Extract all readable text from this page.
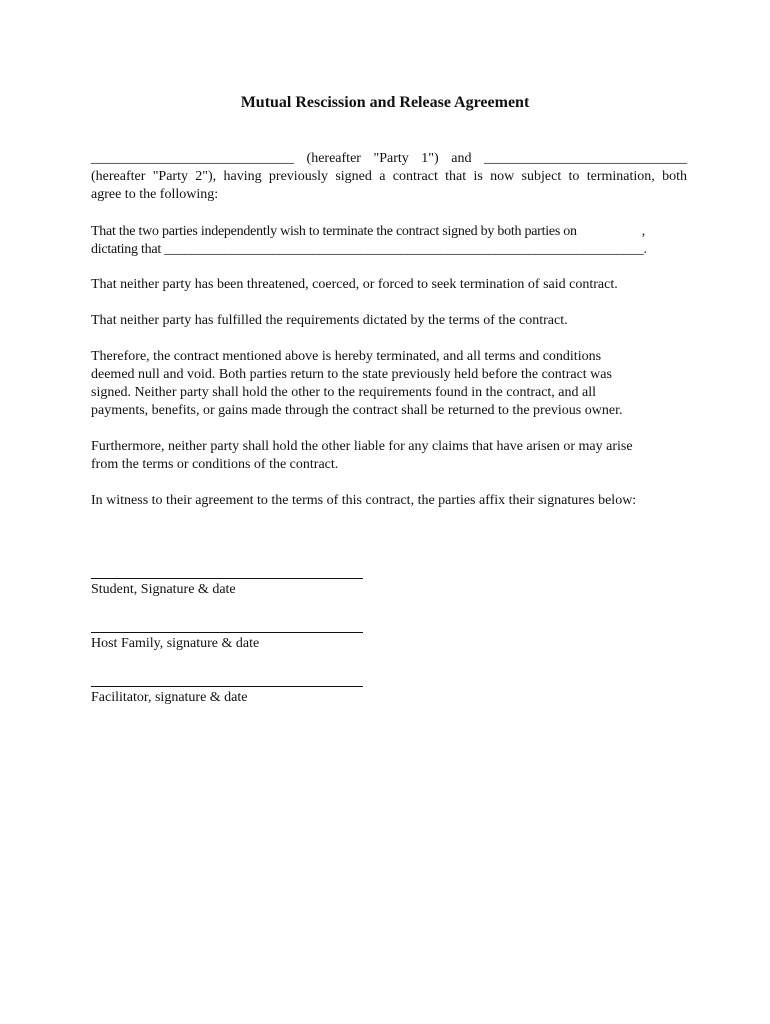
Mutual Rescission and Release Agreement
_____________________________ (hereafter "Party 1") and _____________________________
(hereafter "Party 2"), having previously signed a contract that is now subject to termination, both
agree to the following:
That the two parties independently wish to terminate the contract signed by both parties on                    ,
dictating that _______________________________________________________________________.
That neither party has been threatened, coerced, or forced to seek termination of said contract.
That neither party has fulfilled the requirements dictated by the terms of the contract.
Therefore, the contract mentioned above is hereby terminated, and all terms and conditions
deemed null and void. Both parties return to the state previously held before the contract was
signed. Neither party shall hold the other to the requirements found in the contract, and all
payments, benefits, or gains made through the contract shall be returned to the previous owner.
Furthermore, neither party shall hold the other liable for any claims that have arisen or may arise
from the terms or conditions of the contract.
In witness to their agreement to the terms of this contract, the parties affix their signatures below:
Student, Signature & date
Host Family, signature & date
Facilitator, signature & date
